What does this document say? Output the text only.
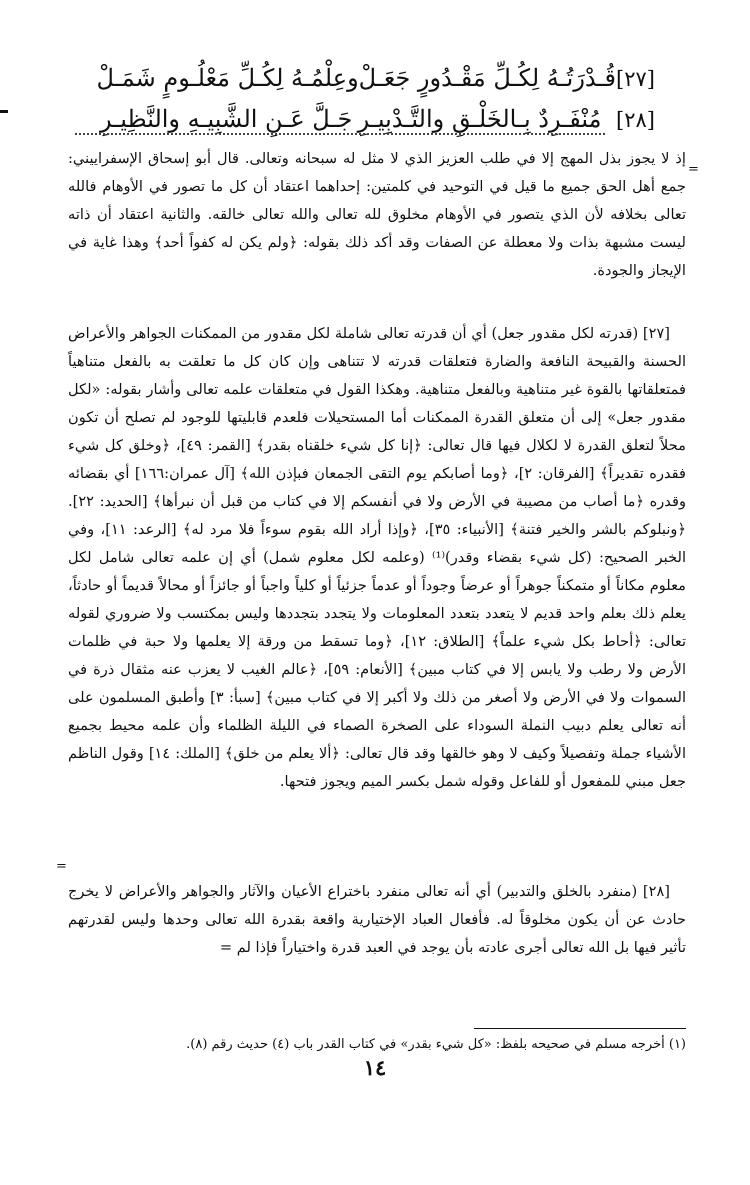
[٢٧]
قُـدْرَتُـهُ لِكُـلِّ مَقْـدُورٍ جَعَـلْ
وعِلْمُـهُ لِكُـلِّ مَعْلُـومٍ شَمَـلْ
[٢٨]
مُنْفَـرِدٌ بِـالخَلْـقِ والتَّـدْبِيـرِ
جَـلَّ عَـنِ الشَّبِيـهِ والنَّظِيـرِ
=

إذ لا يجوز بذل المهج إلا في طلب العزيز الذي لا مثل له سبحانه وتعالى. قال أبو إسحاق الإسفراييني: جمع أهل الحق جميع ما قيل في التوحيد في كلمتين: إحداهما اعتقاد أن كل ما تصور في الأوهام فالله تعالى بخلافه لأن الذي يتصور في الأوهام مخلوق لله تعالى والله تعالى خالقه. والثانية اعتقاد أن ذاته ليست مشبهة بذات ولا معطلة عن الصفات وقد أكد ذلك بقوله: ﴿ولم يكن له كفواً أحد﴾ وهذا غاية في الإيجاز والجودة.

[٢٧] (قدرته لكل مقدور جعل) أي أن قدرته تعالى شاملة لكل مقدور من الممكنات الجواهر والأعراض الحسنة والقبيحة النافعة والضارة فتعلقات قدرته لا تتناهى وإن كان كل ما تعلقت به بالفعل متناهياً فمتعلقاتها بالقوة غير متناهية وبالفعل متناهية. وهكذا القول في متعلقات علمه تعالى وأشار بقوله: «لكل مقدور جعل» إلى أن متعلق القدرة الممكنات أما المستحيلات فلعدم قابليتها للوجود لم تصلح أن تكون محلاً لتعلق القدرة لا لكلال فيها قال تعالى: ﴿إنا كل شيء خلقناه بقدر﴾ [القمر: ٤٩]، ﴿وخلق كل شيء فقدره تقديراً﴾ [الفرقان: ٢]، ﴿وما أصابكم يوم التقى الجمعان فبإذن الله﴾ [آل عمران:١٦٦] أي بقضائه وقدره ﴿ما أصاب من مصيبة في الأرض ولا في أنفسكم إلا في كتاب من قبل أن نبرأها﴾ [الحديد: ٢٢]. ﴿ونبلوكم بالشر والخير فتنة﴾ [الأنبياء: ٣٥]، ﴿وإذا أراد الله بقوم سوءاً فلا مرد له﴾ [الرعد: ١١]، وفي الخبر الصحيح: (كل شيء بقضاء وقدر)⁽¹⁾ (وعلمه لكل معلوم شمل) أي إن علمه تعالى شامل لكل معلوم مكاناً أو متمكناً جوهراً أو عرضاً وجوداً أو عدماً جزئياً أو كلياً واجباً أو جائزاً أو محالاً قديماً أو حادثاً، يعلم ذلك بعلم واحد قديم لا يتعدد بتعدد المعلومات ولا يتجدد بتجددها وليس بمكتسب ولا ضروري لقوله تعالى: ﴿أحاط بكل شيء علماً﴾ [الطلاق: ١٢]، ﴿وما تسقط من ورقة إلا يعلمها ولا حبة في ظلمات الأرض ولا رطب ولا يابس إلا في كتاب مبين﴾ [الأنعام: ٥٩]، ﴿عالم الغيب لا يعزب عنه مثقال ذرة في السموات ولا في الأرض ولا أصغر من ذلك ولا أكبر إلا في كتاب مبين﴾ [سبأ: ٣] وأطبق المسلمون على أنه تعالى يعلم دبيب النملة السوداء على الصخرة الصماء في الليلة الظلماء وأن علمه محيط بجميع الأشياء جملة وتفصيلاً وكيف لا وهو خالقها وقد قال تعالى: ﴿ألا يعلم من خلق﴾ [الملك: ١٤] وقول الناظم جعل مبني للمفعول أو للفاعل وقوله شمل بكسر الميم ويجوز فتحها.

=

[٢٨] (منفرد بالخلق والتدبير) أي أنه تعالى منفرد باختراع الأعيان والآثار والجواهر والأعراض لا يخرج حادث عن أن يكون مخلوقاً له. فأفعال العباد الإختيارية واقعة بقدرة الله تعالى وحدها وليس لقدرتهم تأثير فيها بل الله تعالى أجرى عادته بأن يوجد في العبد قدرة واختياراً فإذا لم =

(١) أخرجه مسلم في صحيحه بلفظ: «كل شيء بقدر» في كتاب القدر باب (٤) حديث رقم (٨).
١٤
